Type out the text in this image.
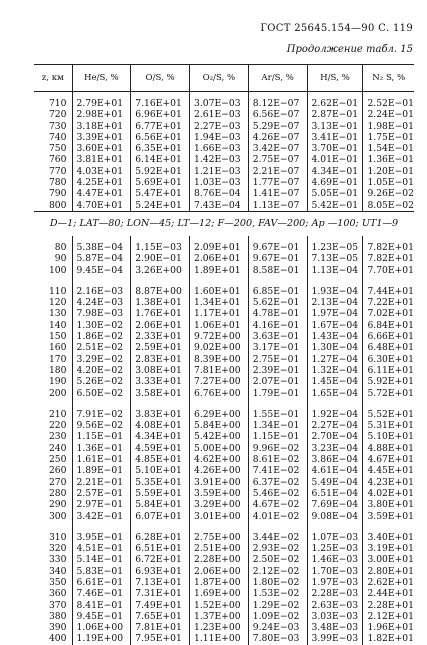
ГОСТ 25645.154—90 С. 119
Продолжение табл. 15
z, км	He/S, %	O/S, %	O₂/S, %	Ar/S, %	H/S, %	N₂ S, %
710	2.79E+01	7.16E+01	3.07E−03	8.12E−07	2.62E−01	2.52E−01
720	2.98E+01	6.96E+01	2.61E−03	6.56E−07	2.87E−01	2.24E−01
730	3.18E+01	6.77E+01	2.27E−03	5.29E−07	3.13E−01	1.98E−01
740	3.39E+01	6.56E+01	1.94E−03	4.26E−07	3.41E−01	1.75E−01
750	3.60E+01	6.35E+01	1.66E−03	3.42E−07	3.70E−01	1.54E−01
760	3.81E+01	6.14E+01	1.42E−03	2.75E−07	4.01E−01	1.36E−01
770	4.03E+01	5.92E+01	1.21E−03	2.21E−07	4.34E−01	1.20E−01
780	4.25E+01	5.69E+01	1.03E−03	1.77E−07	4.69E−01	1.05E−01
790	4.47E+01	5.47E+01	8.76E−04	1.41E−07	5.05E−01	9.26E−02
800	4.70E+01	5.24E+01	7.43E−04	1.13E−07	5.42E−01	8.05E−02
D—1; LAT—80; LON—45; LT—12; F—200, FAV—200; Ap —100; UT1—9						
80	5.38E−04	1.15E−03	2.09E+01	9.67E−01	1.23E−05	7.82E+01
90	5.87E−04	2.90E−01	2.06E+01	9.67E−01	7.13E−05	7.82E+01
100	9.45E−04	3.26E+00	1.89E+01	8.58E−01	1.13E−04	7.70E+01

110	2.16E−03	8.87E+00	1.60E+01	6.85E−01	1.93E−04	7.44E+01
120	4.24E−03	1.38E+01	1.34E+01	5.62E−01	2.13E−04	7.22E+01
130	7.98E−03	1.76E+01	1.17E+01	4.78E−01	1.97E−04	7.02E+01
140	1.30E−02	2.06E+01	1.06E+01	4.16E−01	1.67E−04	6.84E+01
150	1.86E−02	2.33E+01	9.72E+00	3.63E−01	1.43E−04	6.66E+01
160	2.51E−02	2.59E+01	9.02E+00	3.17E−01	1.30E−04	6.48E+01
170	3.29E−02	2.83E+01	8.39E+00	2.75E−01	1.27E−04	6.30E+01
180	4.20E−02	3.08E+01	7.81E+00	2.39E−01	1.32E−04	6.11E+01
190	5.26E−02	3.33E+01	7.27E+00	2.07E−01	1.45E−04	5.92E+01
200	6.50E−02	3.58E+01	6.76E+00	1.79E−01	1.65E−04	5.72E+01

210	7.91E−02	3.83E+01	6.29E+00	1.55E−01	1.92E−04	5.52E+01
220	9.56E−02	4.08E+01	5.84E+00	1.34E−01	2.27E−04	5.31E+01
230	1.15E−01	4.34E+01	5.42E+00	1.15E−01	2.70E−04	5.10E+01
240	1.36E−01	4.59E+01	5.00E+00	9.96E−02	3.23E−04	4.88E+01
250	1.61E−01	4.85E+01	4.62E+00	8.61E−02	3.86E−04	4.67E+01
260	1.89E−01	5.10E+01	4.26E+00	7.41E−02	4.61E−04	4.45E+01
270	2.21E−01	5.35E+01	3.91E+00	6.37E−02	5.49E−04	4.23E+01
280	2.57E−01	5.59E+01	3.59E+00	5.46E−02	6.51E−04	4.02E+01
290	2.97E−01	5.84E+01	3.29E+00	4.67E−02	7.69E−04	3.80E+01
300	3.42E−01	6.07E+01	3.01E+00	4.01E−02	9.08E−04	3.59E+01

310	3.95E−01	6.28E+01	2.75E+00	3.44E−02	1.07E−03	3.40E+01
320	4.51E−01	6.51E+01	2.51E+00	2.93E−02	1.25E−03	3.19E+01
330	5.14E−01	6.72E+01	2.28E+00	2.50E−02	1.46E−03	3.00E+01
340	5.83E−01	6.93E+01	2.06E+00	2.12E−02	1.70E−03	2.80E+01
350	6.61E−01	7.13E+01	1.87E+00	1.80E−02	1.97E−03	2.62E+01
360	7.46E−01	7.31E+01	1.69E+00	1.53E−02	2.28E−03	2.44E+01
370	8.41E−01	7.49E+01	1.52E+00	1.29E−02	2.63E−03	2.28E+01
380	9.45E−01	7.65E+01	1.37E+00	1.09E−02	3.03E−03	2.12E+01
390	1.06E+00	7.81E+01	1.23E+00	9.24E−03	3.48E−03	1.96E+01
400	1.19E+00	7.95E+01	1.11E+00	7.80E−03	3.99E−03	1.82E+01
